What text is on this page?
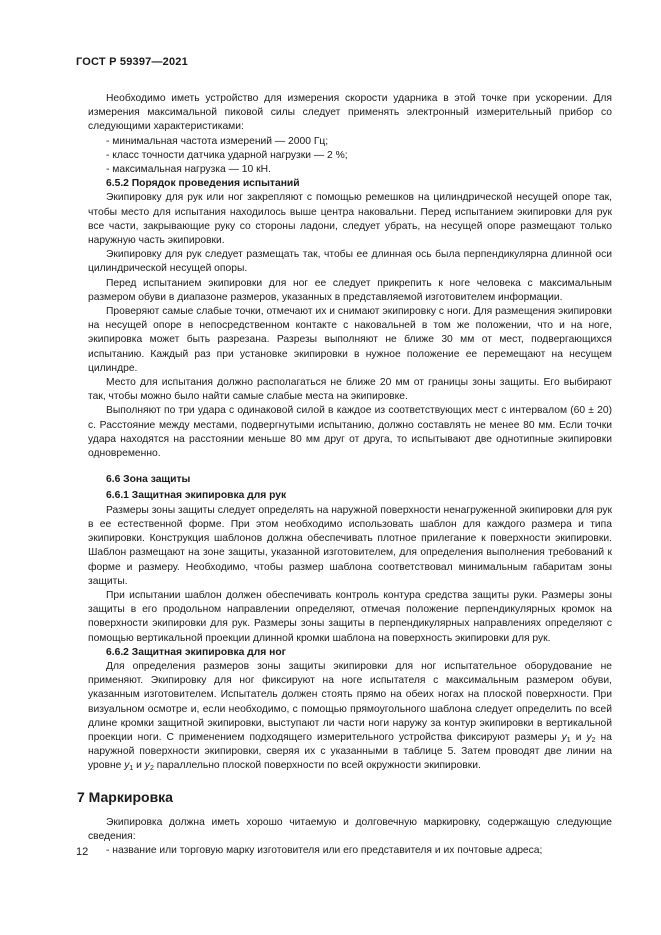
ГОСТ Р 59397—2021

Необходимо иметь устройство для измерения скорости ударника в этой точке при ускорении. Для измерения максимальной пиковой силы следует применять электронный измерительный прибор со следующими характеристиками:

- минимальная частота измерений — 2000 Гц;

- класс точности датчика ударной нагрузки — 2 %;

- максимальная нагрузка — 10 кН.

6.5.2 Порядок проведения испытаний

Экипировку для рук или ног закрепляют с помощью ремешков на цилиндрической несущей опоре так, чтобы место для испытания находилось выше центра наковальни. Перед испытанием экипировки для рук все части, закрывающие руку со стороны ладони, следует убрать, на несущей опоре размещают только наружную часть экипировки.

Экипировку для рук следует размещать так, чтобы ее длинная ось была перпендикулярна длинной оси цилиндрической несущей опоры.

Перед испытанием экипировки для ног ее следует прикрепить к ноге человека с максимальным размером обуви в диапазоне размеров, указанных в представляемой изготовителем информации.

Проверяют самые слабые точки, отмечают их и снимают экипировку с ноги. Для размещения экипировки на несущей опоре в непосредственном контакте с наковальней в том же положении, что и на ноге, экипировка может быть разрезана. Разрезы выполняют не ближе 30 мм от мест, подвергающихся испытанию. Каждый раз при установке экипировки в нужное положение ее перемещают на несущем цилиндре.

Место для испытания должно располагаться не ближе 20 мм от границы зоны защиты. Его выбирают так, чтобы можно было найти самые слабые места на экипировке.

Выполняют по три удара с одинаковой силой в каждое из соответствующих мест с интервалом (60 ± 20) с. Расстояние между местами, подвергнутыми испытанию, должно составлять не менее 80 мм. Если точки удара находятся на расстоянии меньше 80 мм друг от друга, то испытывают две однотипные экипировки одновременно.

6.6 Зона защиты

6.6.1 Защитная экипировка для рук

Размеры зоны защиты следует определять на наружной поверхности ненагруженной экипировки для рук в ее естественной форме. При этом необходимо использовать шаблон для каждого размера и типа экипировки. Конструкция шаблонов должна обеспечивать плотное прилегание к поверхности экипировки. Шаблон размещают на зоне защиты, указанной изготовителем, для определения выполнения требований к форме и размеру. Необходимо, чтобы размер шаблона соответствовал минимальным габаритам зоны защиты.

При испытании шаблон должен обеспечивать контроль контура средства защиты руки. Размеры зоны защиты в его продольном направлении определяют, отмечая положение перпендикулярных кромок на поверхности экипировки для рук. Размеры зоны защиты в перпендикулярных направлениях определяют с помощью вертикальной проекции длинной кромки шаблона на поверхность экипировки для рук.

6.6.2 Защитная экипировка для ног

Для определения размеров зоны защиты экипировки для ног испытательное оборудование не применяют. Экипировку для ног фиксируют на ноге испытателя с максимальным размером обуви, указанным изготовителем. Испытатель должен стоять прямо на обеих ногах на плоской поверхности. При визуальном осмотре и, если необходимо, с помощью прямоугольного шаблона следует определить по всей длине кромки защитной экипировки, выступают ли части ноги наружу за контур экипировки в вертикальной проекции ноги. С применением подходящего измерительного устройства фиксируют размеры $y_1$ и $y_2$ на наружной поверхности экипировки, сверяя их с указанными в таблице 5. Затем проводят две линии на уровне $y_1$ и $y_2$ параллельно плоской поверхности по всей окружности экипировки.

7 Маркировка

Экипировка должна иметь хорошо читаемую и долговечную маркировку, содержащую следующие сведения:

- название или торговую марку изготовителя или его представителя и их почтовые адреса;

12
